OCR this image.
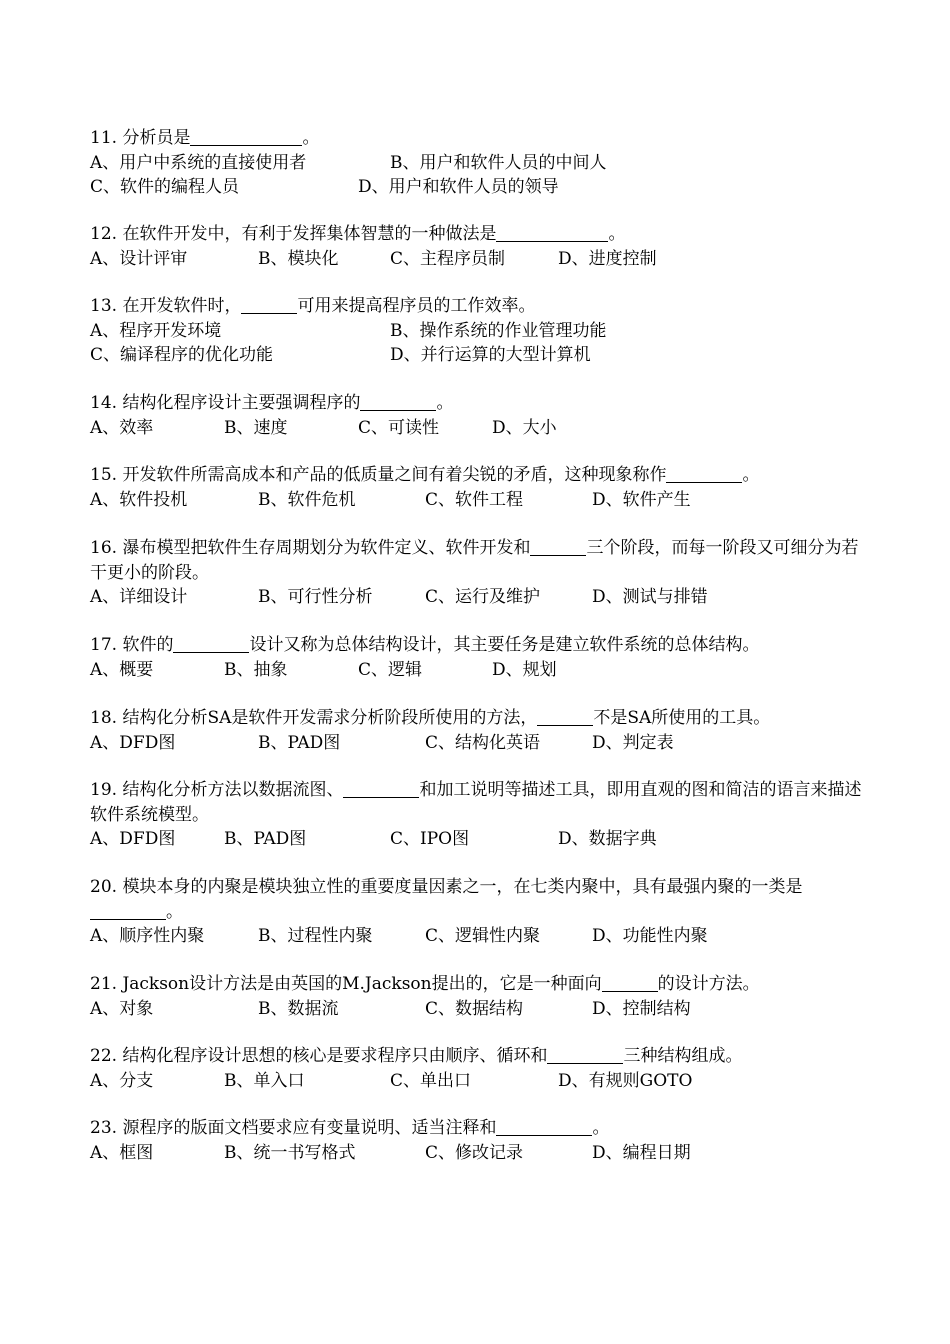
11. 分析员是	。
A、用户中系统的直接使用者	B、用户和软件人员的中间人
C、软件的编程人员	D、用户和软件人员的领导
12. 在软件开发中，有利于发挥集体智慧的一种做法是	。
A、设计评审	B、模块化	C、主程序员制	D、进度控制
13. 在开发软件时，	可用来提高程序员的工作效率。
A、程序开发环境	B、操作系统的作业管理功能
C、编译程序的优化功能	D、并行运算的大型计算机
14. 结构化程序设计主要强调程序的	。
A、效率	B、速度	C、可读性	D、大小
15. 开发软件所需高成本和产品的低质量之间有着尖锐的矛盾，这种现象称作	。
A、软件投机	B、软件危机	C、软件工程	D、软件产生
16. 瀑布模型把软件生存周期划分为软件定义、软件开发和	三个阶段，而每一阶段又可细分为若干更小的阶段。
A、详细设计	B、可行性分析	C、运行及维护	D、测试与排错
17. 软件的	设计又称为总体结构设计，其主要任务是建立软件系统的总体结构。
A、概要	B、抽象	C、逻辑	D、规划
18. 结构化分析SA是软件开发需求分析阶段所使用的方法，	不是SA所使用的工具。
A、DFD图	B、PAD图	C、结构化英语	D、判定表
19. 结构化分析方法以数据流图、	和加工说明等描述工具，即用直观的图和简洁的语言来描述软件系统模型。
A、DFD图	B、PAD图	C、IPO图	D、数据字典
20. 模块本身的内聚是模块独立性的重要度量因素之一，在七类内聚中，具有最强内聚的一类是。
A、顺序性内聚	B、过程性内聚	C、逻辑性内聚	D、功能性内聚
21. Jackson设计方法是由英国的M.Jackson提出的，它是一种面向	的设计方法。
A、对象	B、数据流	C、数据结构	D、控制结构
22. 结构化程序设计思想的核心是要求程序只由顺序、循环和	三种结构组成。
A、分支	B、单入口	C、单出口	D、有规则GOTO
23. 源程序的版面文档要求应有变量说明、适当注释和	。
A、框图	B、统一书写格式	C、修改记录	D、编程日期
